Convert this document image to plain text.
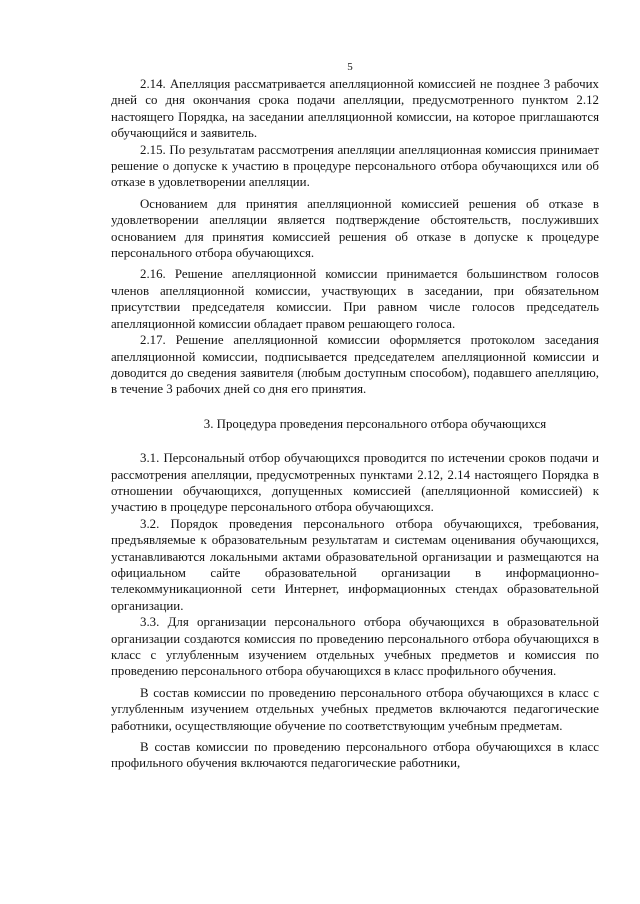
5

2.14. Апелляция рассматривается апелляционной комиссией не позднее 3 рабочих дней со дня окончания срока подачи апелляции, предусмотренного пунктом 2.12 настоящего Порядка, на заседании апелляционной комиссии, на которое приглашаются обучающийся и заявитель.

2.15. По результатам рассмотрения апелляции апелляционная комиссия принимает решение о допуске к участию в процедуре персонального отбора обучающихся или об отказе в удовлетворении апелляции.

Основанием для принятия апелляционной комиссией решения об отказе в удовлетворении апелляции является подтверждение обстоятельств, послуживших основанием для принятия комиссией решения об отказе в допуске к процедуре персонального отбора обучающихся.

2.16. Решение апелляционной комиссии принимается большинством голосов членов апелляционной комиссии, участвующих в заседании, при обязательном присутствии председателя комиссии. При равном числе голосов председатель апелляционной комиссии обладает правом решающего голоса.

2.17. Решение апелляционной комиссии оформляется протоколом заседания апелляционной комиссии, подписывается председателем апелляционной комиссии и доводится до сведения заявителя (любым доступным способом), подавшего апелляцию, в течение 3 рабочих дней со дня его принятия.

3. Процедура проведения персонального отбора обучающихся

3.1. Персональный отбор обучающихся проводится по истечении сроков подачи и рассмотрения апелляции, предусмотренных пунктами 2.12, 2.14 настоящего Порядка в отношении обучающихся, допущенных комиссией (апелляционной комиссией) к участию в процедуре персонального отбора обучающихся.

3.2. Порядок проведения персонального отбора обучающихся, требования, предъявляемые к образовательным результатам и системам оценивания обучающихся, устанавливаются локальными актами образовательной организации и размещаются на официальном сайте образовательной организации в информационно-телекоммуникационной сети Интернет, информационных стендах образовательной организации.

3.3. Для организации персонального отбора обучающихся в образовательной организации создаются комиссия по проведению персонального отбора обучающихся в класс с углубленным изучением отдельных учебных предметов и комиссия по проведению персонального отбора обучающихся в класс профильного обучения.

В состав комиссии по проведению персонального отбора обучающихся в класс с углубленным изучением отдельных учебных предметов включаются педагогические работники, осуществляющие обучение по соответствующим учебным предметам.

В состав комиссии по проведению персонального отбора обучающихся в класс профильного обучения включаются педагогические работники,
